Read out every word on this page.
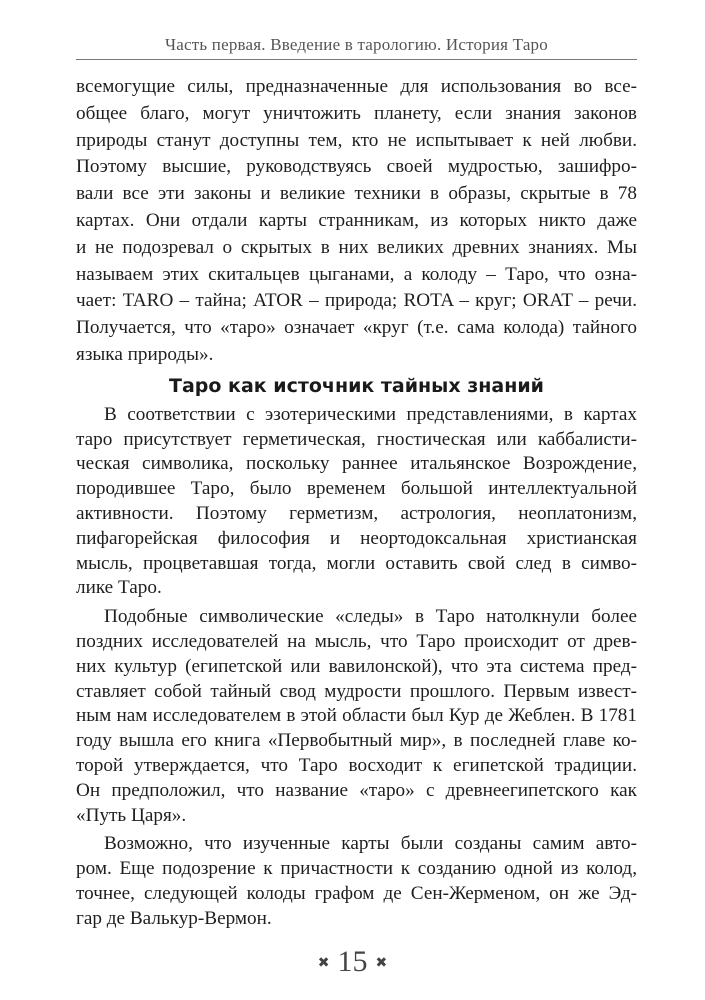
Часть первая. Введение в тарологию. История Таро
всемогущие силы, предназначенные для использования во все-
общее благо, могут уничтожить планету, если знания законов
природы станут доступны тем, кто не испытывает к ней любви.
Поэтому высшие, руководствуясь своей мудростью, зашифро-
вали все эти законы и великие техники в образы, скрытые в 78
картах. Они отдали карты странникам, из которых никто даже
и не подозревал о скрытых в них великих древних знаниях. Мы
называем этих скитальцев цыганами, а колоду – Таро, что озна-
чает: TARO – тайна; ATOR – природа; ROTA – круг; ORAT – речи.
Получается, что «таро» означает «круг (т.е. сама колода) тайного
языка природы».
Таро как источник тайных знаний
В соответствии с эзотерическими представлениями, в картах
таро присутствует герметическая, гностическая или каббалисти-
ческая символика, поскольку раннее итальянское Возрождение,
породившее Таро, было временем большой интеллектуальной
активности. Поэтому герметизм, астрология, неоплатонизм,
пифагорейская философия и неортодоксальная христианская
мысль, процветавшая тогда, могли оставить свой след в симво-
лике Таро.
Подобные символические «следы» в Таро натолкнули более
поздних исследователей на мысль, что Таро происходит от древ-
них культур (египетской или вавилонской), что эта система пред-
ставляет собой тайный свод мудрости прошлого. Первым извест-
ным нам исследователем в этой области был Кур де Жеблен. В 1781
году вышла его книга «Первобытный мир», в последней главе ко-
торой утверждается, что Таро восходит к египетской традиции.
Он предположил, что название «таро» с древнеегипетского как
«Путь Царя».
Возможно, что изученные карты были созданы самим авто-
ром. Еще подозрение к причастности к созданию одной из колод,
точнее, следующей колоды графом де Сен-Жерменом, он же Эд-
гар де Валькур-Вермон.
✖ 15 ✖
